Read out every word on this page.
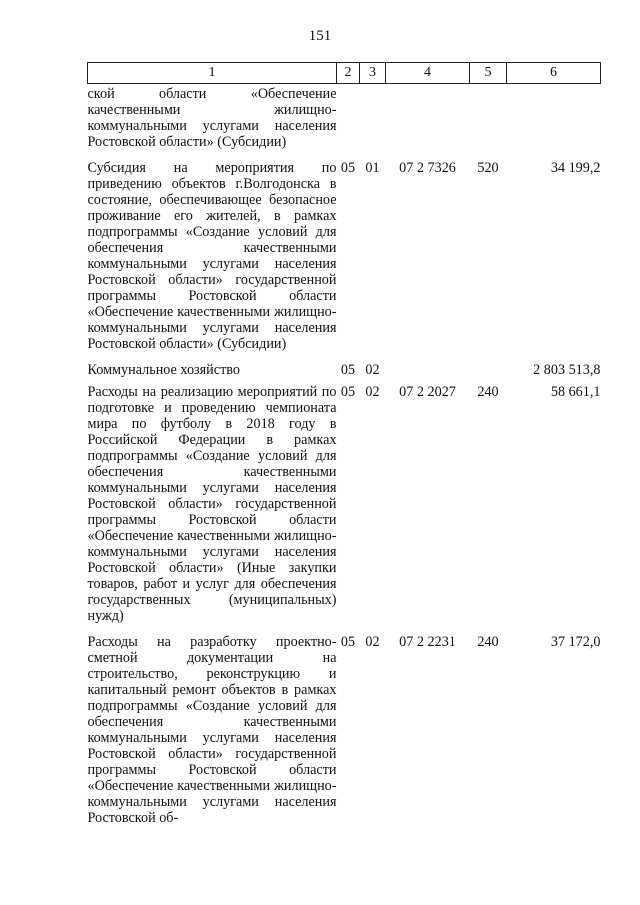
151
1	2	3	4	5	6
ской области «Обеспечение качественными жилищно-коммунальными услугами населения Ростовской области» (Субсидии)					
Субсидия на мероприятия по приведению объектов г.Волгодонска в состояние, обеспечивающее безопасное проживание его жителей, в рамках подпрограммы «Создание условий для обеспечения качественными коммунальными услугами населения Ростовской области» государственной программы Ростовской области «Обеспечение качественными жилищно-коммунальными услугами населения Ростовской области» (Субсидии)	05	01	07 2 7326	520	34 199,2
Коммунальное хозяйство	05	02			2 803 513,8
Расходы на реализацию мероприятий по подготовке и проведению чемпионата мира по футболу в 2018 году в Российской Федерации в рамках подпрограммы «Создание условий для обеспечения качественными коммунальными услугами населения Ростовской области» государственной программы Ростовской области «Обеспечение качественными жилищно-коммунальными услугами населения Ростовской области» (Иные закупки товаров, работ и услуг для обеспечения государственных (муниципальных) нужд)	05	02	07 2 2027	240	58 661,1
Расходы на разработку проектно-сметной документации на строительство, реконструкцию и капитальный ремонт объектов в рамках подпрограммы «Создание условий для обеспечения качественными коммунальными услугами населения Ростовской области» государственной программы Ростовской области «Обеспечение качественными жилищно-коммунальными услугами населения Ростовской об-	05	02	07 2 2231	240	37 172,0
